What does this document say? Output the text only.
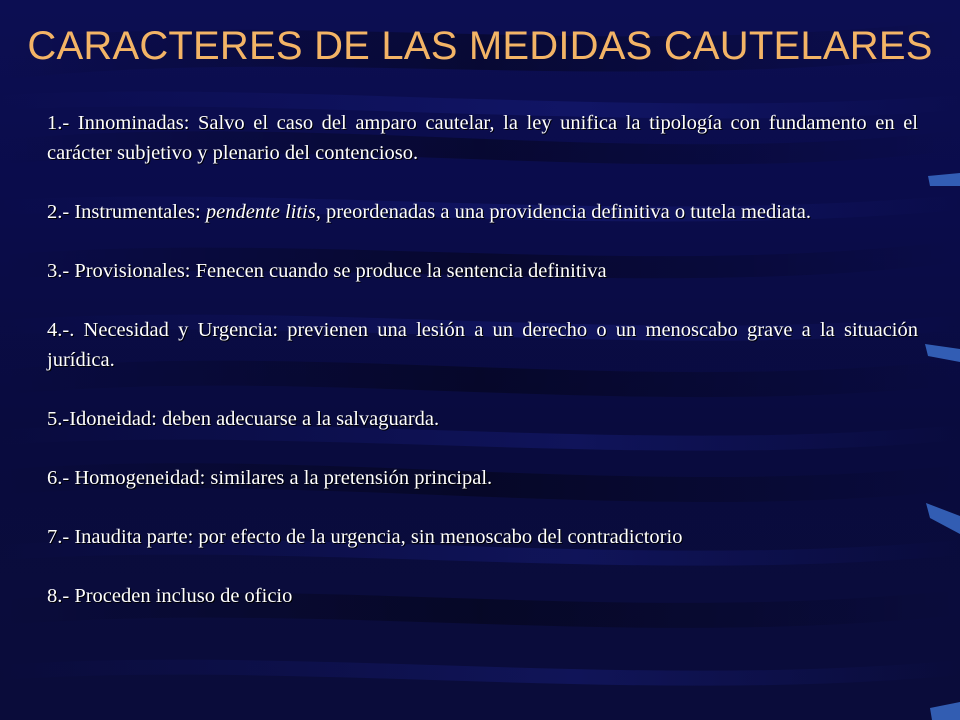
CARACTERES DE LAS MEDIDAS CAUTELARES

1.- Innominadas: Salvo el caso del amparo cautelar, la ley unifica la tipología con fundamento en el carácter subjetivo y plenario del contencioso.

2.- Instrumentales: pendente litis, preordenadas a una providencia definitiva o tutela mediata.

3.- Provisionales: Fenecen cuando se produce la sentencia definitiva

4.-. Necesidad y Urgencia: previenen una lesión a un derecho o un menoscabo grave a la situación jurídica.

5.-Idoneidad: deben adecuarse a la salvaguarda.

6.- Homogeneidad: similares a la pretensión principal.

7.- Inaudita parte: por efecto de la urgencia, sin menoscabo del contradictorio

8.- Proceden incluso de oficio
